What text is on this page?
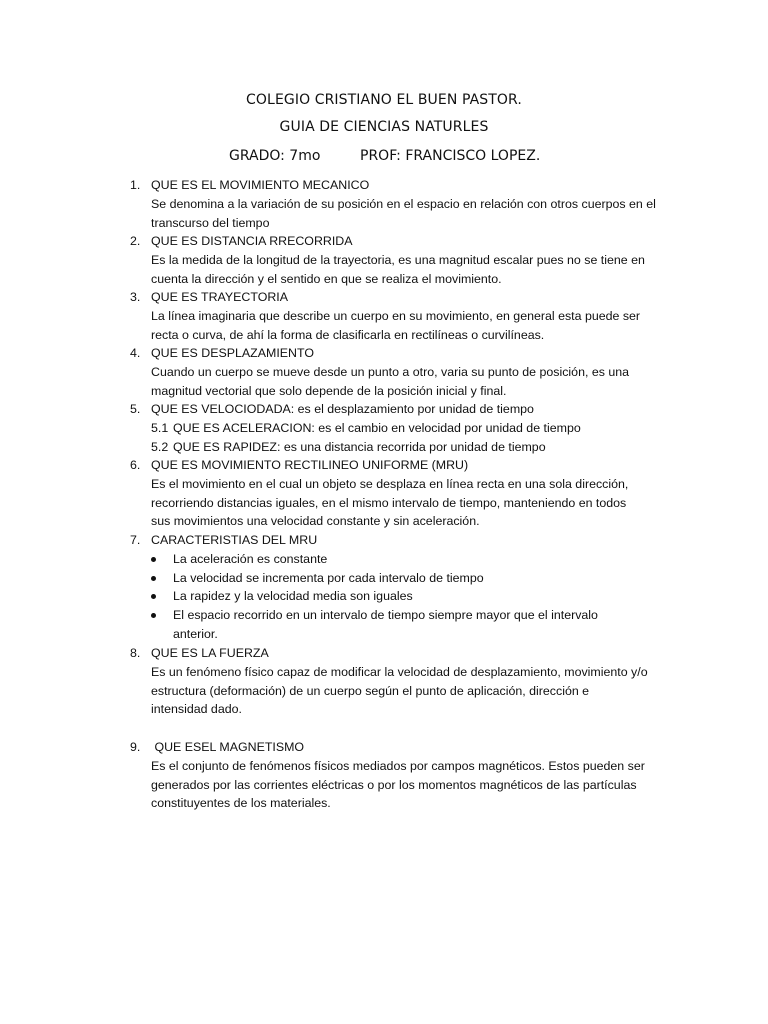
COLEGIO CRISTIANO EL BUEN PASTOR.
GUIA DE CIENCIAS NATURLES
GRADO: 7mo	PROF: FRANCISCO LOPEZ.
1. QUE ES EL MOVIMIENTO MECANICO
Se denomina a la variación de su posición en el espacio en relación con otros cuerpos en el
transcurso del tiempo
2. QUE ES DISTANCIA RRECORRIDA
Es la medida de la longitud de la trayectoria, es una magnitud escalar pues no se tiene en
cuenta la dirección y el sentido en que se realiza el movimiento.
3. QUE ES TRAYECTORIA
La línea imaginaria que describe un cuerpo en su movimiento, en general esta puede ser
recta o curva, de ahí la forma de clasificarla en rectilíneas o curvilíneas.
4. QUE ES DESPLAZAMIENTO
Cuando un cuerpo se mueve desde un punto a otro, varia su punto de posición, es una
magnitud vectorial que solo depende de la posición inicial y final.
5. QUE ES VELOCIODADA: es el desplazamiento por unidad de tiempo
5.1 QUE ES ACELERACION: es el cambio en velocidad por unidad de tiempo
5.2 QUE ES RAPIDEZ: es una distancia recorrida por unidad de tiempo
6. QUE ES MOVIMIENTO RECTILINEO UNIFORME (MRU)
Es el movimiento en el cual un objeto se desplaza en línea recta en una sola dirección,
recorriendo distancias iguales, en el mismo intervalo de tiempo, manteniendo en todos
sus movimientos una velocidad constante y sin aceleración.
7. CARACTERISTIAS DEL MRU
La aceleración es constante
La velocidad se incrementa por cada intervalo de tiempo
La rapidez y la velocidad media son iguales
El espacio recorrido en un intervalo de tiempo siempre mayor que el intervalo anterior.
8. QUE ES LA FUERZA
Es un fenómeno físico capaz de modificar la velocidad de desplazamiento, movimiento y/o
estructura (deformación) de un cuerpo según el punto de aplicación, dirección e
intensidad dado.
9. QUE ESEL MAGNETISMO
Es el conjunto de fenómenos físicos mediados por campos magnéticos. Estos pueden ser
generados por las corrientes eléctricas o por los momentos magnéticos de las partículas
constituyentes de los materiales.
